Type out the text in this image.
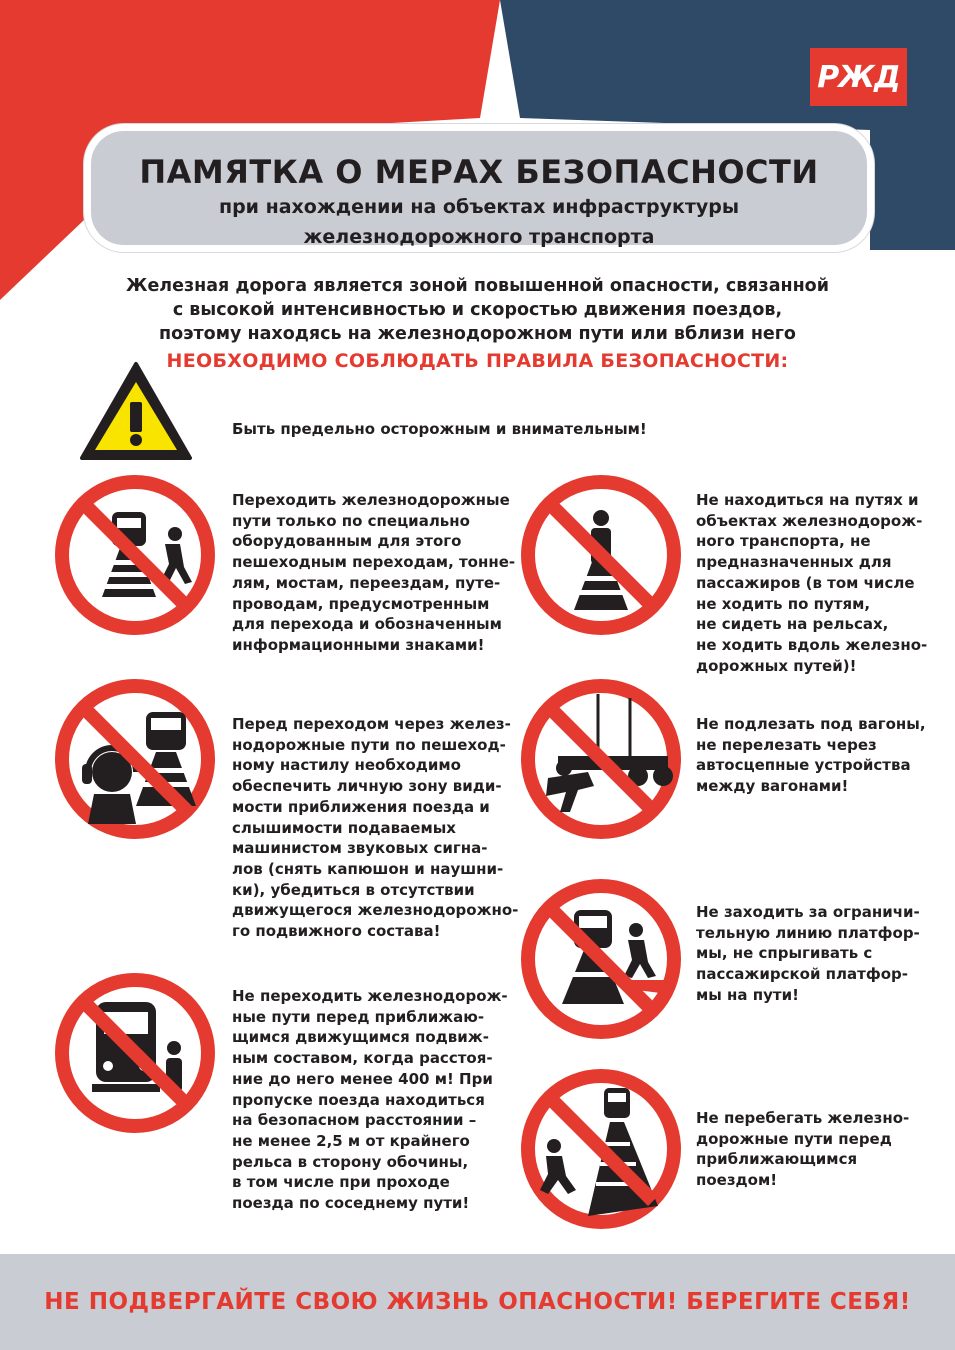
РЖД
ПАМЯТКА О МЕРАХ БЕЗОПАСНОСТИ
при нахождении на объектах инфраструктуры
железнодорожного транспорта
Железная дорога является зоной повышенной опасности, связанной
с высокой интенсивностью и скоростью движения поездов,
поэтому находясь на железнодорожном пути или вблизи него
НЕОБХОДИМО СОБЛЮДАТЬ ПРАВИЛА БЕЗОПАСНОСТИ:
Быть предельно осторожным и внимательным!
Переходить железнодорожные
пути только по специально
оборудованным для этого
пешеходным переходам, тонне-
лям, мостам, переездам, путе-
проводам, предусмотренным
для перехода и обозначенным
информационными знаками!
Перед переходом через желез-
нодорожные пути по пешеход-
ному настилу необходимо
обеспечить личную зону види-
мости приближения поезда и
слышимости подаваемых
машинистом звуковых сигна-
лов (снять капюшон и наушни-
ки), убедиться в отсутствии
движущегося железнодорожно-
го подвижного состава!
Не переходить железнодорож-
ные пути перед приближаю-
щимся движущимся подвиж-
ным составом, когда расстоя-
ние до него менее 400 м! При
пропуске поезда находиться
на безопасном расстоянии –
не менее 2,5 м от крайнего
рельса в сторону обочины,
в том числе при проходе
поезда по соседнему пути!
Не находиться на путях и
объектах железнодорож-
ного транспорта, не
предназначенных для
пассажиров (в том числе
не ходить по путям,
не сидеть на рельсах,
не ходить вдоль железно-
дорожных путей)!
Не подлезать под вагоны,
не перелезать через
автосцепные устройства
между вагонами!
Не заходить за ограничи-
тельную линию платфор-
мы, не спрыгивать с
пассажирской платфор-
мы на пути!
Не перебегать железно-
дорожные пути перед
приближающимся
поездом!
НЕ ПОДВЕРГАЙТЕ СВОЮ ЖИЗНЬ ОПАСНОСТИ! БЕРЕГИТЕ СЕБЯ!
